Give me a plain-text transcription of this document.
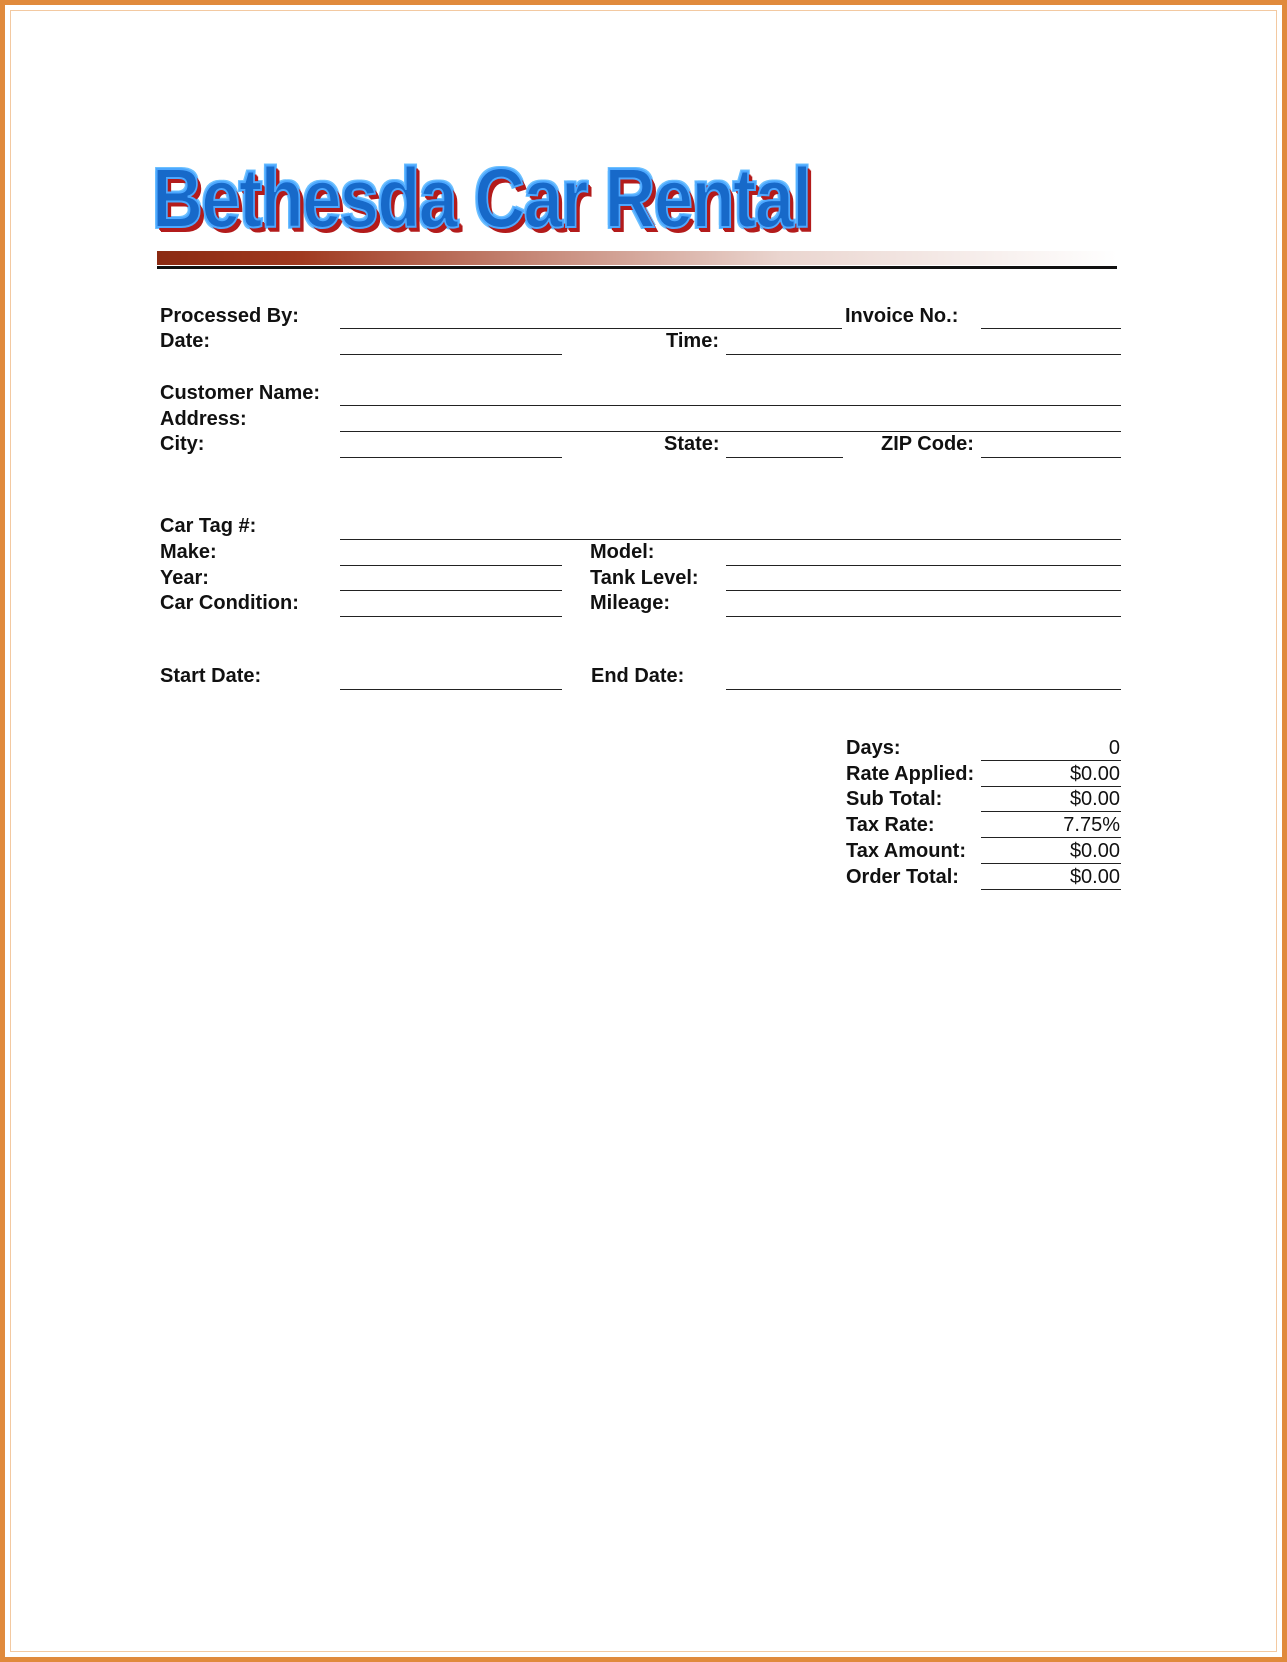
Bethesda Car Rental
Processed By:	Invoice No.:
Date:	Time:
Customer Name:
Address:
City:	State:	ZIP Code:
Car Tag #:
Make:	Model:
Year:	Tank Level:
Car Condition:	Mileage:
Start Date:	End Date:
Days:	0
Rate Applied:	$0.00
Sub Total:	$0.00
Tax Rate:	7.75%
Tax Amount:	$0.00
Order Total:	$0.00
